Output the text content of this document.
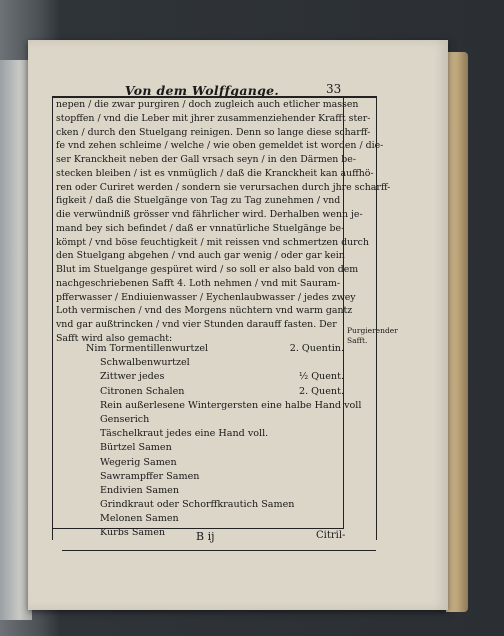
Von dem Wolffgange.	33
nepen / die zwar purgiren / doch zugleich auch etlicher massen
stopffen / vnd die Leber mit jhrer zusammenziehender Krafft ster-
cken / durch den Stuelgang reinigen. Denn so lange diese scharff-
fe vnd zehen schleime / welche / wie oben gemeldet ist worden / die-
ser Kranckheit neben der Gall vrsach seyn / in den Därmen be-
stecken bleiben / ist es vnmüglich / daß die Kranckheit kan auffhö-
ren oder Curiret werden / sondern sie verursachen durch jhre scharff-
figkeit / daß die Stuelgänge von Tag zu Tag zunehmen / vnd
die verwündniß grösser vnd fährlicher wird. Derhalben wenn je-
mand bey sich befindet / daß er vnnatürliche Stuelgänge be-
kömpt / vnd böse feuchtigkeit / mit reissen vnd schmertzen durch
den Stuelgang abgehen / vnd auch gar wenig / oder gar kein
Blut im Stuelgange gespüret wird / so soll er also bald von dem
nachgeschriebenen Safft 4. Loth nehmen / vnd mit Sauram-
pfferwasser / Endiuienwasser / Eychenlaubwasser / jedes zwey
Loth vermischen / vnd des Morgens nüchtern vnd warm gantz
vnd gar außtrincken / vnd vier Stunden darauff fasten. Der
Safft wird also gemacht:
Nim Tormentillenwurtzel	2. Quentin.
Schwalbenwurtzel
Zittwer jedes	½ Quent.
Citronen Schalen	2. Quent.
Rein außerlesene Wintergersten eine halbe Hand voll
Genserich
Täschelkraut jedes eine Hand voll.
Bürtzel Samen
Wegerig Samen
Sawrampffer Samen
Endivien Samen
Grindkraut oder Schorffkrautich Samen
Melonen Samen
Kürbs Samen
Purgierender Safft.
B ij	Citril-
